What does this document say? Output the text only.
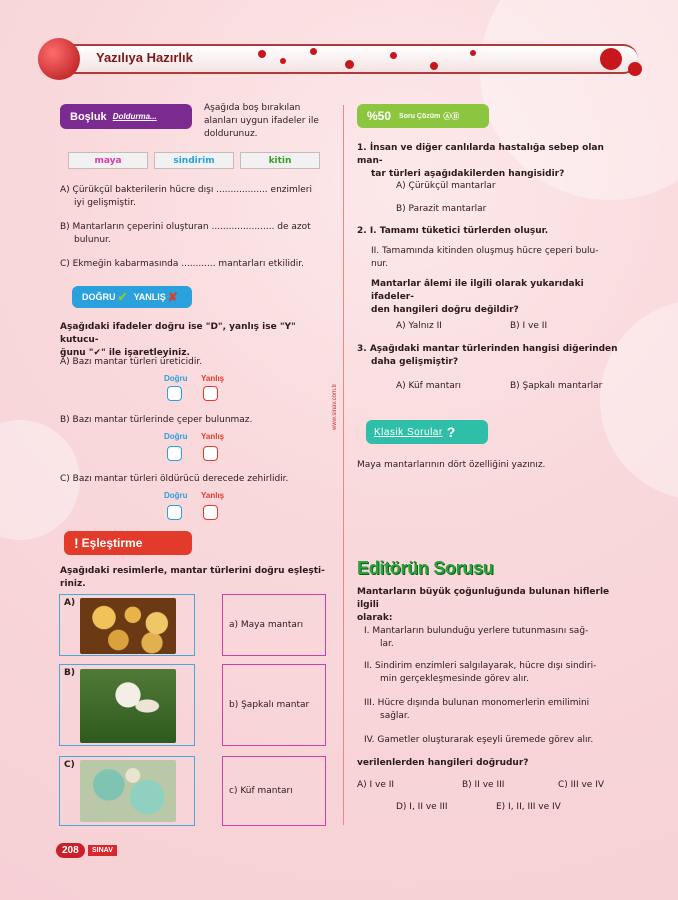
Yazılıya Hazırlık
www.sinav.com.tr
Boşluk Doldurma...
Aşağıda boş bırakılan
alanları uygun ifadeler ile
doldurunuz.
maya	sindirim	kitin
A) Çürükçül bakterilerin hücre dışı .................. enzimleri
iyi gelişmiştir.
B) Mantarların çeperini oluşturan ...................... de azot
bulunur.
C) Ekmeğin kabarmasında ............ mantarları etkilidir.
DOĞRU ✔ YANLIŞ ✘
Aşağıdaki ifadeler doğru ise "D", yanlış ise "Y" kutucu-
ğunu "✔" ile işaretleyiniz.
A) Bazı mantar türleri üreticidir.
Doğru Yanlış
B) Bazı mantar türlerinde çeper bulunmaz.
Doğru Yanlış
C) Bazı mantar türleri öldürücü derecede zehirlidir.
Doğru Yanlış
! Eşleştirme
Aşağıdaki resimlerle, mantar türlerini doğru eşleşti-
riniz.
A)
B)
C)
a) Maya mantarı
b) Şapkalı mantar
c) Küf mantarı
%50 Soru Çözüm ⒶⒷ
1. İnsan ve diğer canlılarda hastalığa sebep olan man-
tar türleri aşağıdakilerden hangisidir?
A) Çürükçül mantarlar
B) Parazit mantarlar
2. I. Tamamı tüketici türlerden oluşur.
II. Tamamında kitinden oluşmuş hücre çeperi bulu-
nur.
Mantarlar âlemi ile ilgili olarak yukarıdaki ifadeler-
den hangileri doğru değildir?
A) Yalnız II	B) I ve II
3. Aşağıdaki mantar türlerinden hangisi diğerinden
daha gelişmiştir?
A) Küf mantarı	B) Şapkalı mantarlar
Klasik Sorular ?
Maya mantarlarının dört özelliğini yazınız.
Editörün Sorusu
Mantarların büyük çoğunluğunda bulunan hiflerle ilgili
olarak:
I. Mantarların bulunduğu yerlere tutunmasını sağ-
lar.
II. Sindirim enzimleri salgılayarak, hücre dışı sindiri-
min gerçekleşmesinde görev alır.
III. Hücre dışında bulunan monomerlerin emilimini
sağlar.
IV. Gametler oluşturarak eşeyli üremede görev alır.
verilenlerden hangileri doğrudur?
A) I ve II	B) II ve III	C) III ve IV
D) I, II ve III	E) I, II, III ve IV
208	SINAV
